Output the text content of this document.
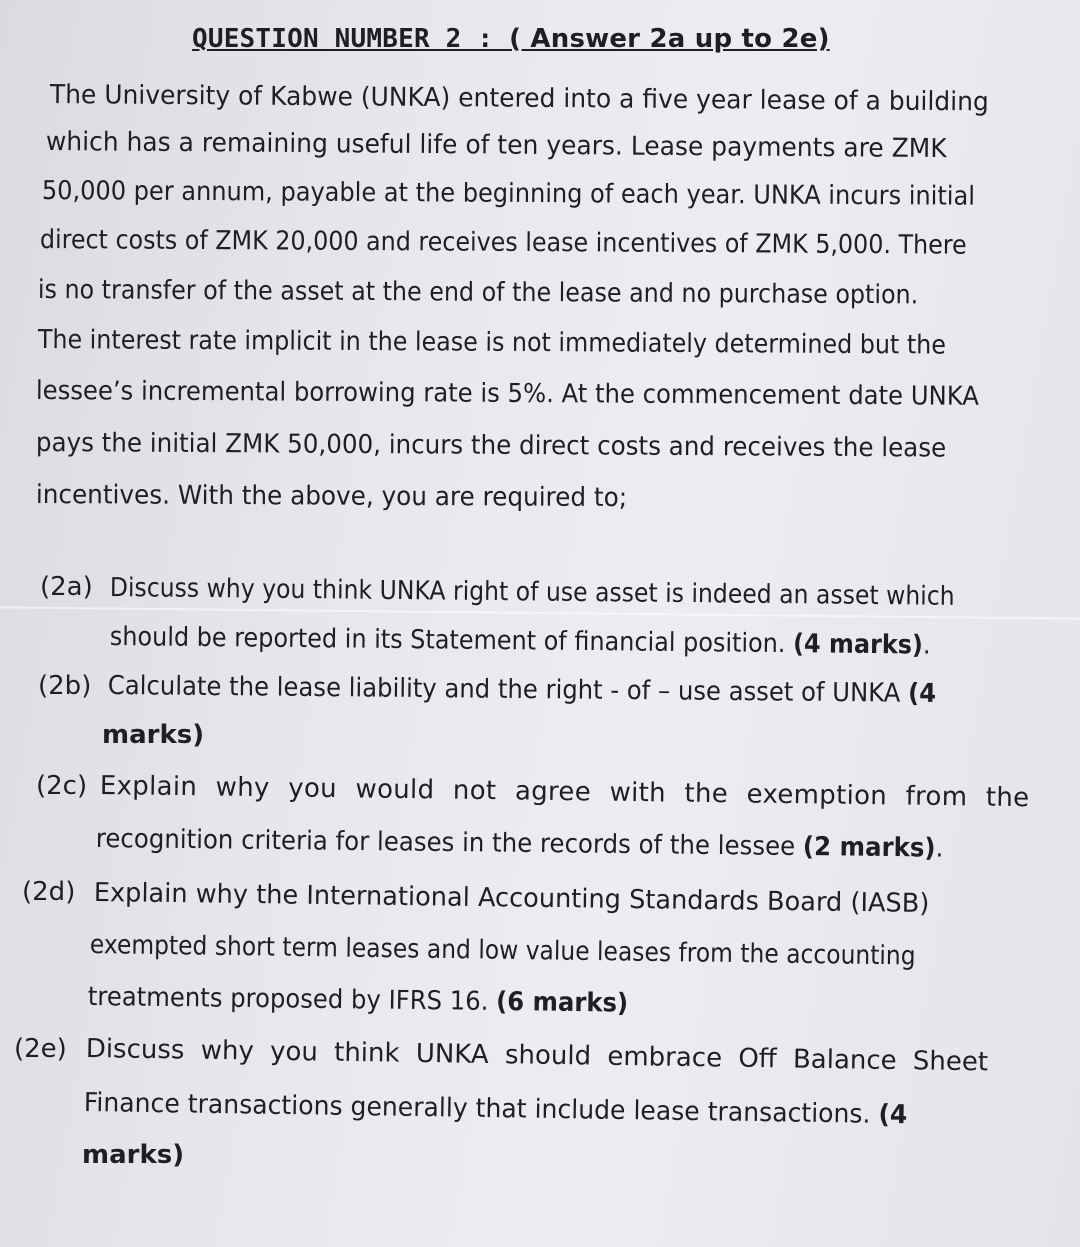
QUESTION NUMBER 2 : ( Answer 2a up to 2e)
The University of Kabwe (UNKA) entered into a five year lease of a building
which has a remaining useful life of ten years. Lease payments are ZMK
50,000 per annum, payable at the beginning of each year. UNKA incurs initial
direct costs of ZMK 20,000 and receives lease incentives of ZMK 5,000. There
is no transfer of the asset at the end of the lease and no purchase option.
The interest rate implicit in the lease is not immediately determined but the
lessee’s incremental borrowing rate is 5%. At the commencement date UNKA
pays the initial ZMK 50,000, incurs the direct costs and receives the lease
incentives. With the above, you are required to;
(2a) Discuss why you think UNKA right of use asset is indeed an asset which
should be reported in its Statement of financial position. (4 marks).
(2b) Calculate the lease liability and the right - of – use asset of UNKA (4
marks)
(2c) Explain why you would not agree with the exemption from the
recognition criteria for leases in the records of the lessee (2 marks).
(2d) Explain why the International Accounting Standards Board (IASB)
exempted short term leases and low value leases from the accounting
treatments proposed by IFRS 16. (6 marks)
(2e) Discuss why you think UNKA should embrace Off Balance Sheet
Finance transactions generally that include lease transactions. (4
marks)
